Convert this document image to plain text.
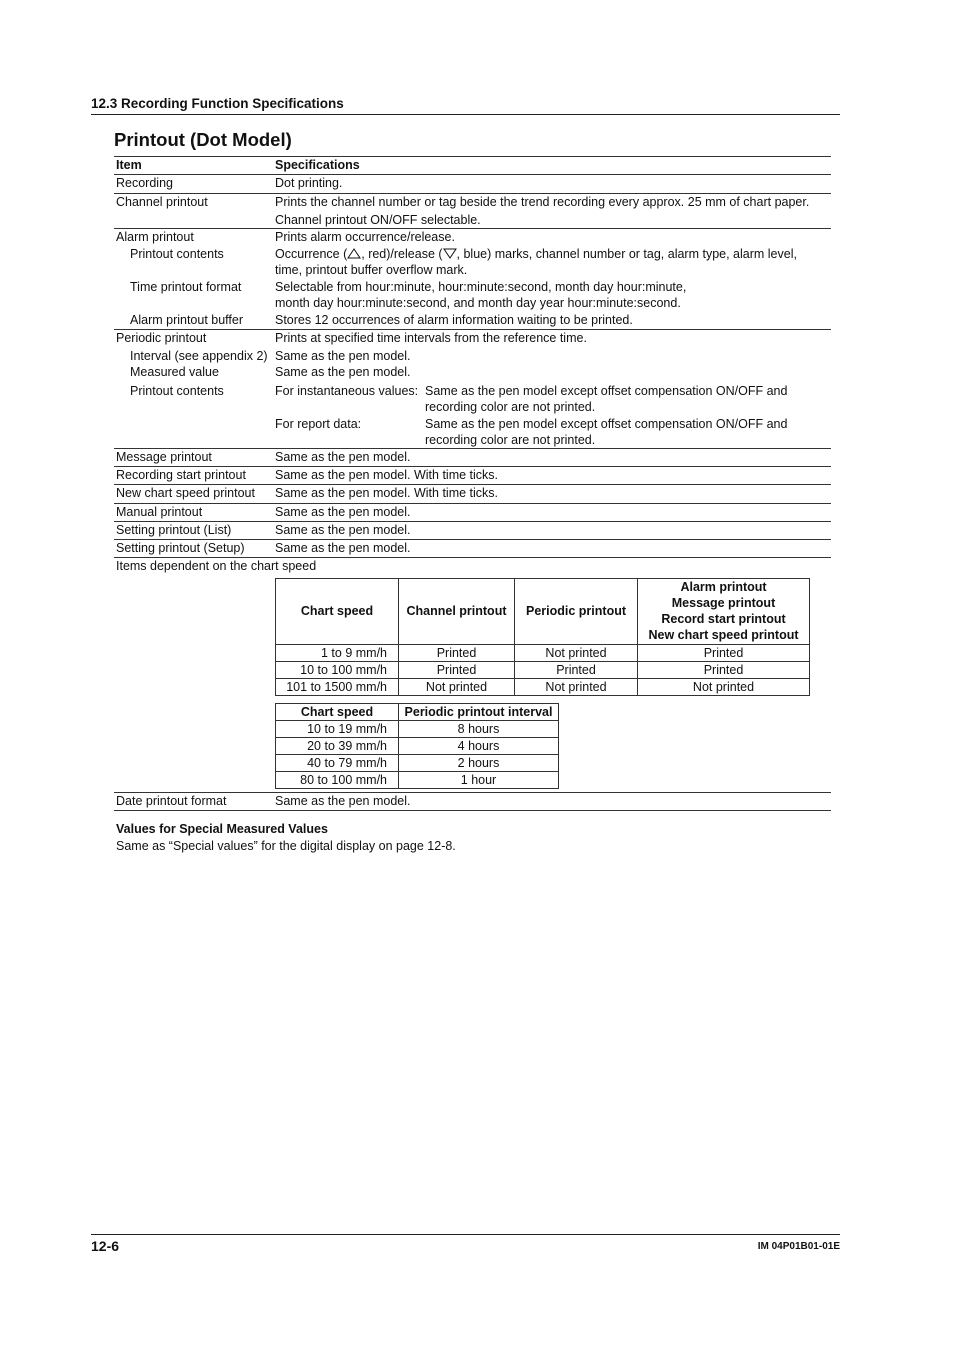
12.3 Recording Function Specifications
Printout (Dot Model)
Item	Specifications
Recording	Dot printing.
Channel printout	Prints the channel number or tag beside the trend recording every approx. 25 mm of chart paper.
Channel printout ON/OFF selectable.
Alarm printout	Prints alarm occurrence/release.
Printout contents	Occurrence ( , red)/release ( , blue) marks, channel number or tag, alarm type, alarm level,
time, printout buffer overflow mark.
Time printout format	Selectable from hour:minute, hour:minute:second, month day hour:minute,
month day hour:minute:second, and month day year hour:minute:second.
Alarm printout buffer	Stores 12 occurrences of alarm information waiting to be printed.
Periodic printout	Prints at specified time intervals from the reference time.
Interval (see appendix 2) Same as the pen model.
Measured value	Same as the pen model.
Printout contents	For instantaneous values: Same as the pen model except offset compensation ON/OFF and
recording color are not printed.
For report data:	Same as the pen model except offset compensation ON/OFF and
recording color are not printed.
Message printout	Same as the pen model.
Recording start printout	Same as the pen model. With time ticks.
New chart speed printout	Same as the pen model. With time ticks.
Manual printout	Same as the pen model.
Setting printout (List)	Same as the pen model.
Setting printout (Setup)	Same as the pen model.
Items dependent on the chart speed
Chart speed	Channel printout	Periodic printout	Alarm printout
Message printout
Record start printout
New chart speed printout

1 to 9 mm/h	Printed	Not printed	Printed
10 to 100 mm/h	Printed	Printed	Printed
101 to 1500 mm/h	Not printed	Not printed	Not printed
Chart speed	Periodic printout interval
10 to 19 mm/h	8 hours
20 to 39 mm/h	4 hours
40 to 79 mm/h	2 hours
80 to 100 mm/h	1 hour
Date printout format	Same as the pen model.
Values for Special Measured Values
Same as “Special values” for the digital display on page 12-8.
12-6	IM 04P01B01-01E
